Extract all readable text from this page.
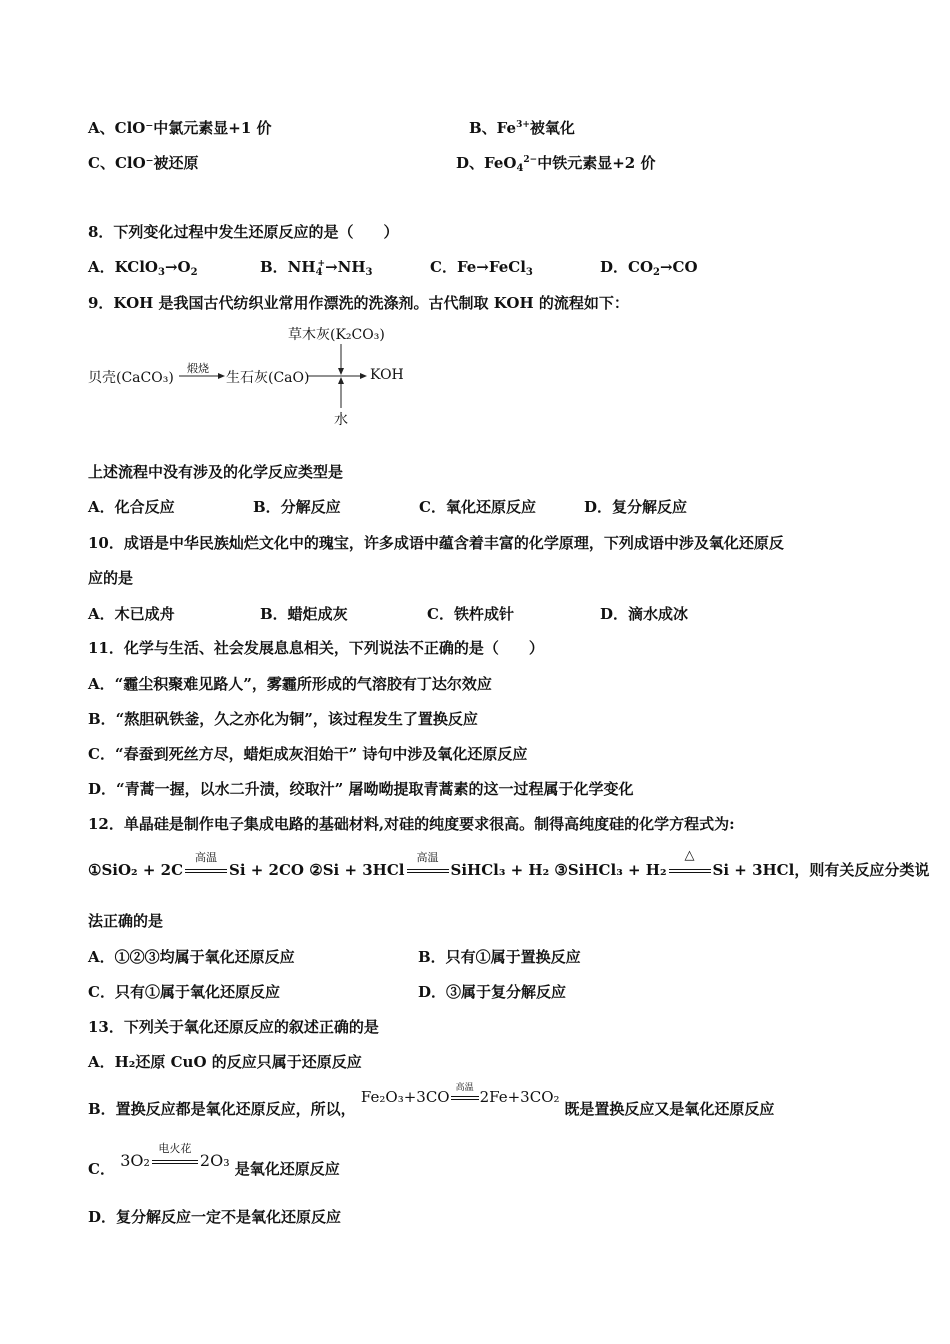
A、ClO⁻中氯元素显+1 价	B、$Fe^{3+}$被氧化
C、ClO⁻被还原	D、FeO$_4^{2-}$中铁元素显+2 价
8．下列变化过程中发生还原反应的是（　　）
A．$KClO_3\to O_2$	B．$NH_4^+\to NH_3$	C．Fe→FeCl$_3$	D．$CO_2\to CO$
9．KOH 是我国古代纺织业常用作漂洗的洗涤剂。古代制取 KOH 的流程如下：
贝壳(CaCO₃)
煅烧
生石灰(CaO)
草木灰(K₂CO₃)
KOH
水
上述流程中没有涉及的化学反应类型是
A．化合反应	B．分解反应	C．氧化还原反应	D．复分解反应
10．成语是中华民族灿烂文化中的瑰宝，许多成语中蕴含着丰富的化学原理，下列成语中涉及氧化还原反
应的是
A．木已成舟	B．蜡炬成灰	C．铁杵成针	D．滴水成冰
11．化学与生活、社会发展息息相关，下列说法不正确的是（　　）
A．“霾尘积聚难见路人”，雾霾所形成的气溶胶有丁达尔效应
B．“熬胆矾铁釜，久之亦化为铜”，该过程发生了置换反应
C．“春蚕到死丝方尽，蜡炬成灰泪始干” 诗句中涉及氧化还原反应
D．“青蒿一握，以水二升渍，绞取汁” 屠呦呦提取青蒿素的这一过程属于化学变化
12．单晶硅是制作电子集成电路的基础材料,对硅的纯度要求很高。制得高纯度硅的化学方程式为:
①SiO₂ + 2C
高温
Si + 2CO ②Si + 3HCl
高温
SiHCl₃ + H₂ ③SiHCl₃ + H₂
△
Si + 3HCl，则有关反应分类说
法正确的是
A．①②③均属于氧化还原反应	B．只有①属于置换反应
C．只有①属于氧化还原反应	D．③属于复分解反应
13．下列关于氧化还原反应的叙述正确的是
A．H₂还原 CuO 的反应只属于还原反应
B．置换反应都是氧化还原反应，所以， Fe₂O₃+3CO 高温 2Fe+3CO₂ 既是置换反应又是氧化还原反应
C． 3O₂
电火花
2O₃ 是氧化还原反应
D．复分解反应一定不是氧化还原反应
